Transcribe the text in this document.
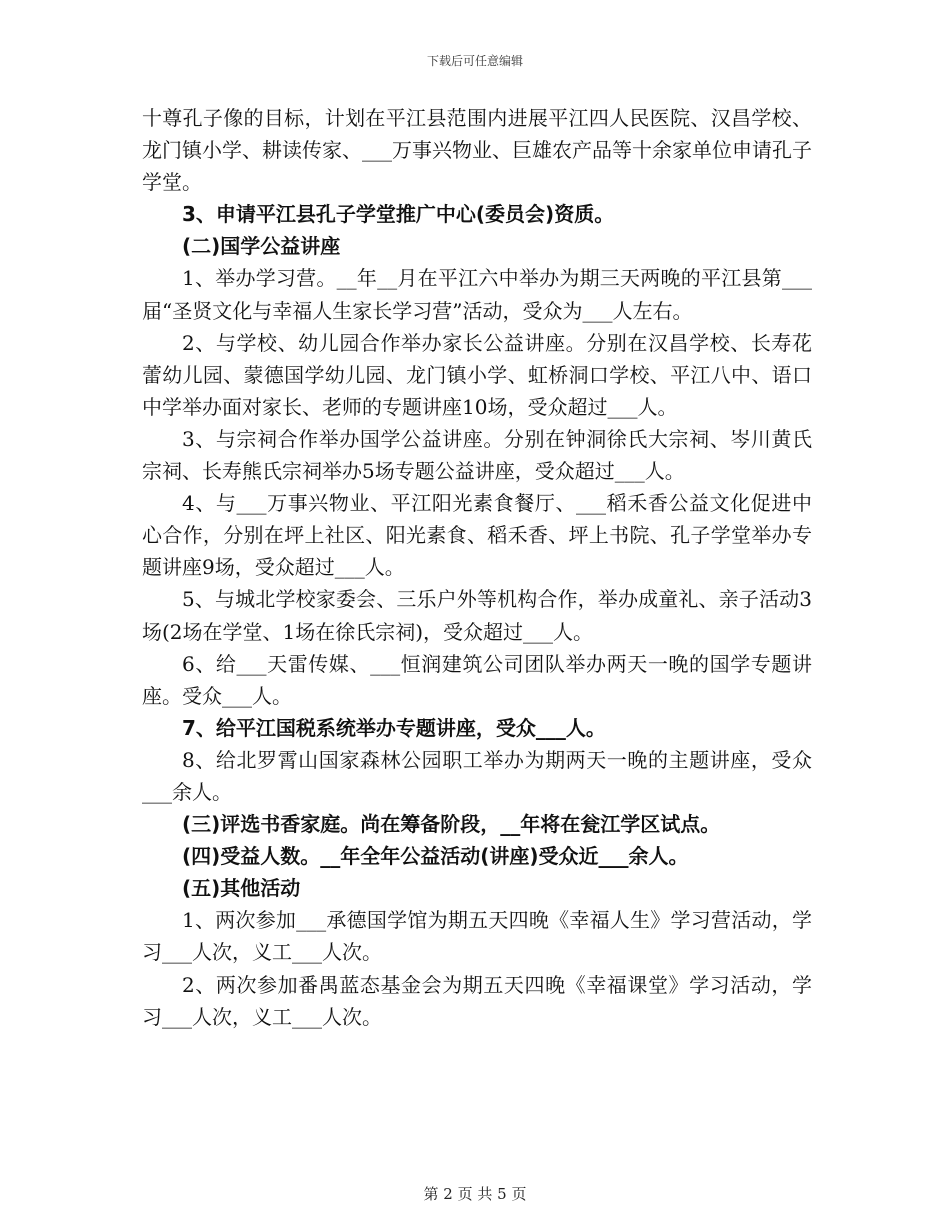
下载后可任意编辑

十尊孔子像的目标，计划在平江县范围内进展平江四人民医院、汉昌学校、龙门镇小学、耕读传家、___万事兴物业、巨雄农产品等十余家单位申请孔子学堂。

3、申请平江县孔子学堂推广中心(委员会)资质。

(二)国学公益讲座

1、举办学习营。__年__月在平江六中举办为期三天两晚的平江县第___届“圣贤文化与幸福人生家长学习营”活动，受众为___人左右。

2、与学校、幼儿园合作举办家长公益讲座。分别在汉昌学校、长寿花蕾幼儿园、蒙德国学幼儿园、龙门镇小学、虹桥洞口学校、平江八中、语口中学举办面对家长、老师的专题讲座10场，受众超过___人。

3、与宗祠合作举办国学公益讲座。分别在钟洞徐氏大宗祠、岑川黄氏宗祠、长寿熊氏宗祠举办5场专题公益讲座，受众超过___人。

4、与___万事兴物业、平江阳光素食餐厅、___稻禾香公益文化促进中心合作，分别在坪上社区、阳光素食、稻禾香、坪上书院、孔子学堂举办专题讲座9场，受众超过___人。

5、与城北学校家委会、三乐户外等机构合作，举办成童礼、亲子活动3场(2场在学堂、1场在徐氏宗祠)，受众超过___人。

6、给___天雷传媒、___恒润建筑公司团队举办两天一晚的国学专题讲座。受众___人。

7、给平江国税系统举办专题讲座，受众___人。

8、给北罗霄山国家森林公园职工举办为期两天一晚的主题讲座，受众___余人。

(三)评选书香家庭。尚在筹备阶段，__年将在瓮江学区试点。

(四)受益人数。__年全年公益活动(讲座)受众近___余人。

(五)其他活动

1、两次参加___承德国学馆为期五天四晚《幸福人生》学习营活动，学习___人次，义工___人次。

2、两次参加番禺蓝态基金会为期五天四晚《幸福课堂》学习活动，学习___人次，义工___人次。

第 2 页 共 5 页
